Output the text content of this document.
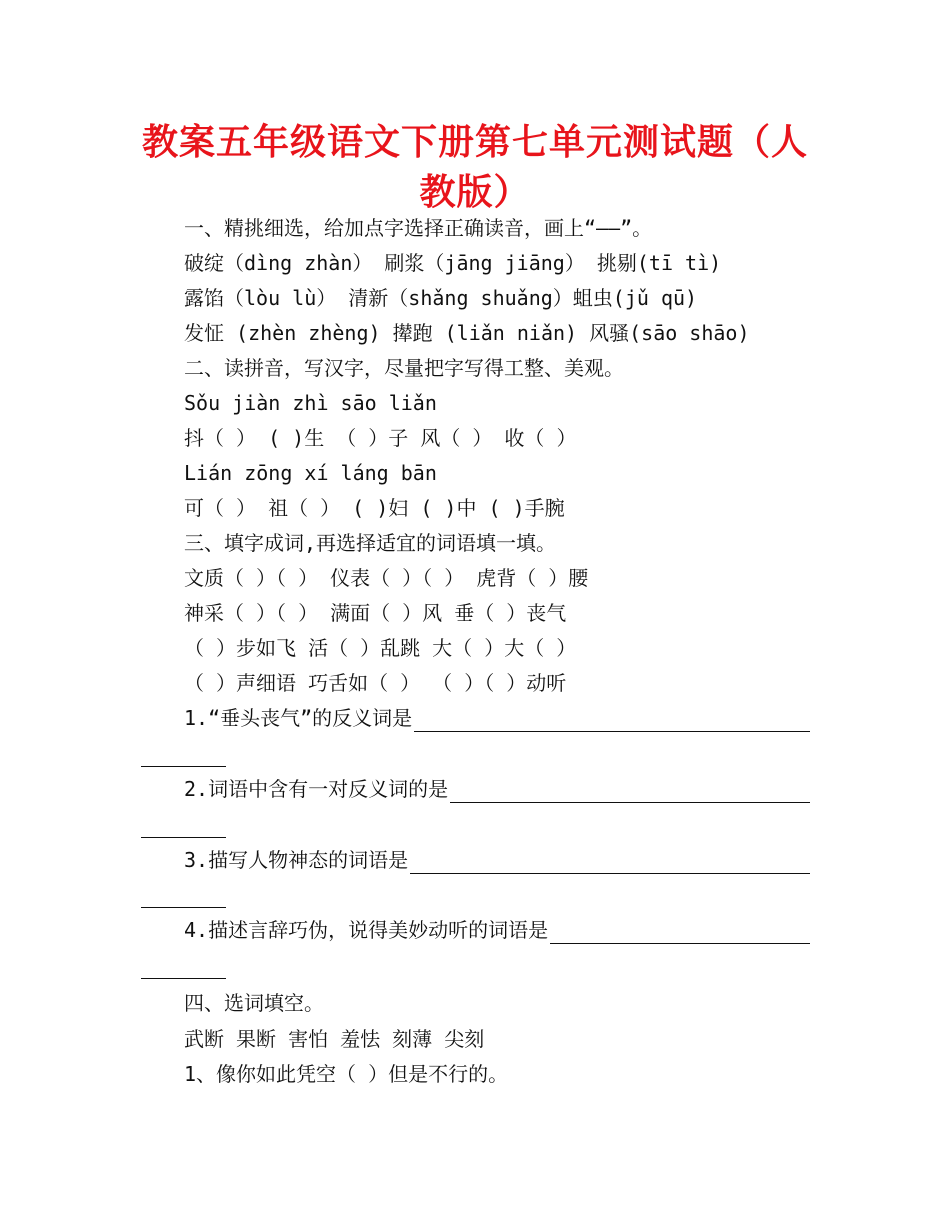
教案五年级语文下册第七单元测试题（人教版）
一、精挑细选，给加点字选择正确读音，画上“——”。
破绽（dìng zhàn） 刷浆（jāng jiāng） 挑剔(tī tì)
露馅（lòu lù） 清新（shǎng shuǎng）蛆虫(jǔ qū)
发怔 (zhèn zhèng) 撵跑 (liǎn niǎn) 风骚(sāo shāo)
二、读拼音，写汉字，尽量把字写得工整、美观。
Sǒu jiàn zhì sāo liǎn
抖（ ） ( )生 （ ）子 风（ ） 收（ ）
Lián zōng xí láng bān
可（ ） 祖（ ） ( )妇 ( )中 ( )手腕
三、填字成词,再选择适宜的词语填一填。
文质（ ）（ ） 仪表（ ）（ ） 虎背（ ）腰
神采（ ）（ ） 满面（ ）风 垂（ ）丧气
（ ）步如飞 活（ ）乱跳 大（ ）大（ ）
（ ）声细语 巧舌如（ ） （ ）（ ）动听
1.“垂头丧气”的反义词是
2.词语中含有一对反义词的是
3.描写人物神态的词语是
4.描述言辞巧伪，说得美妙动听的词语是
四、选词填空。
武断 果断 害怕 羞怯 刻薄 尖刻
1、像你如此凭空（ ）但是不行的。
